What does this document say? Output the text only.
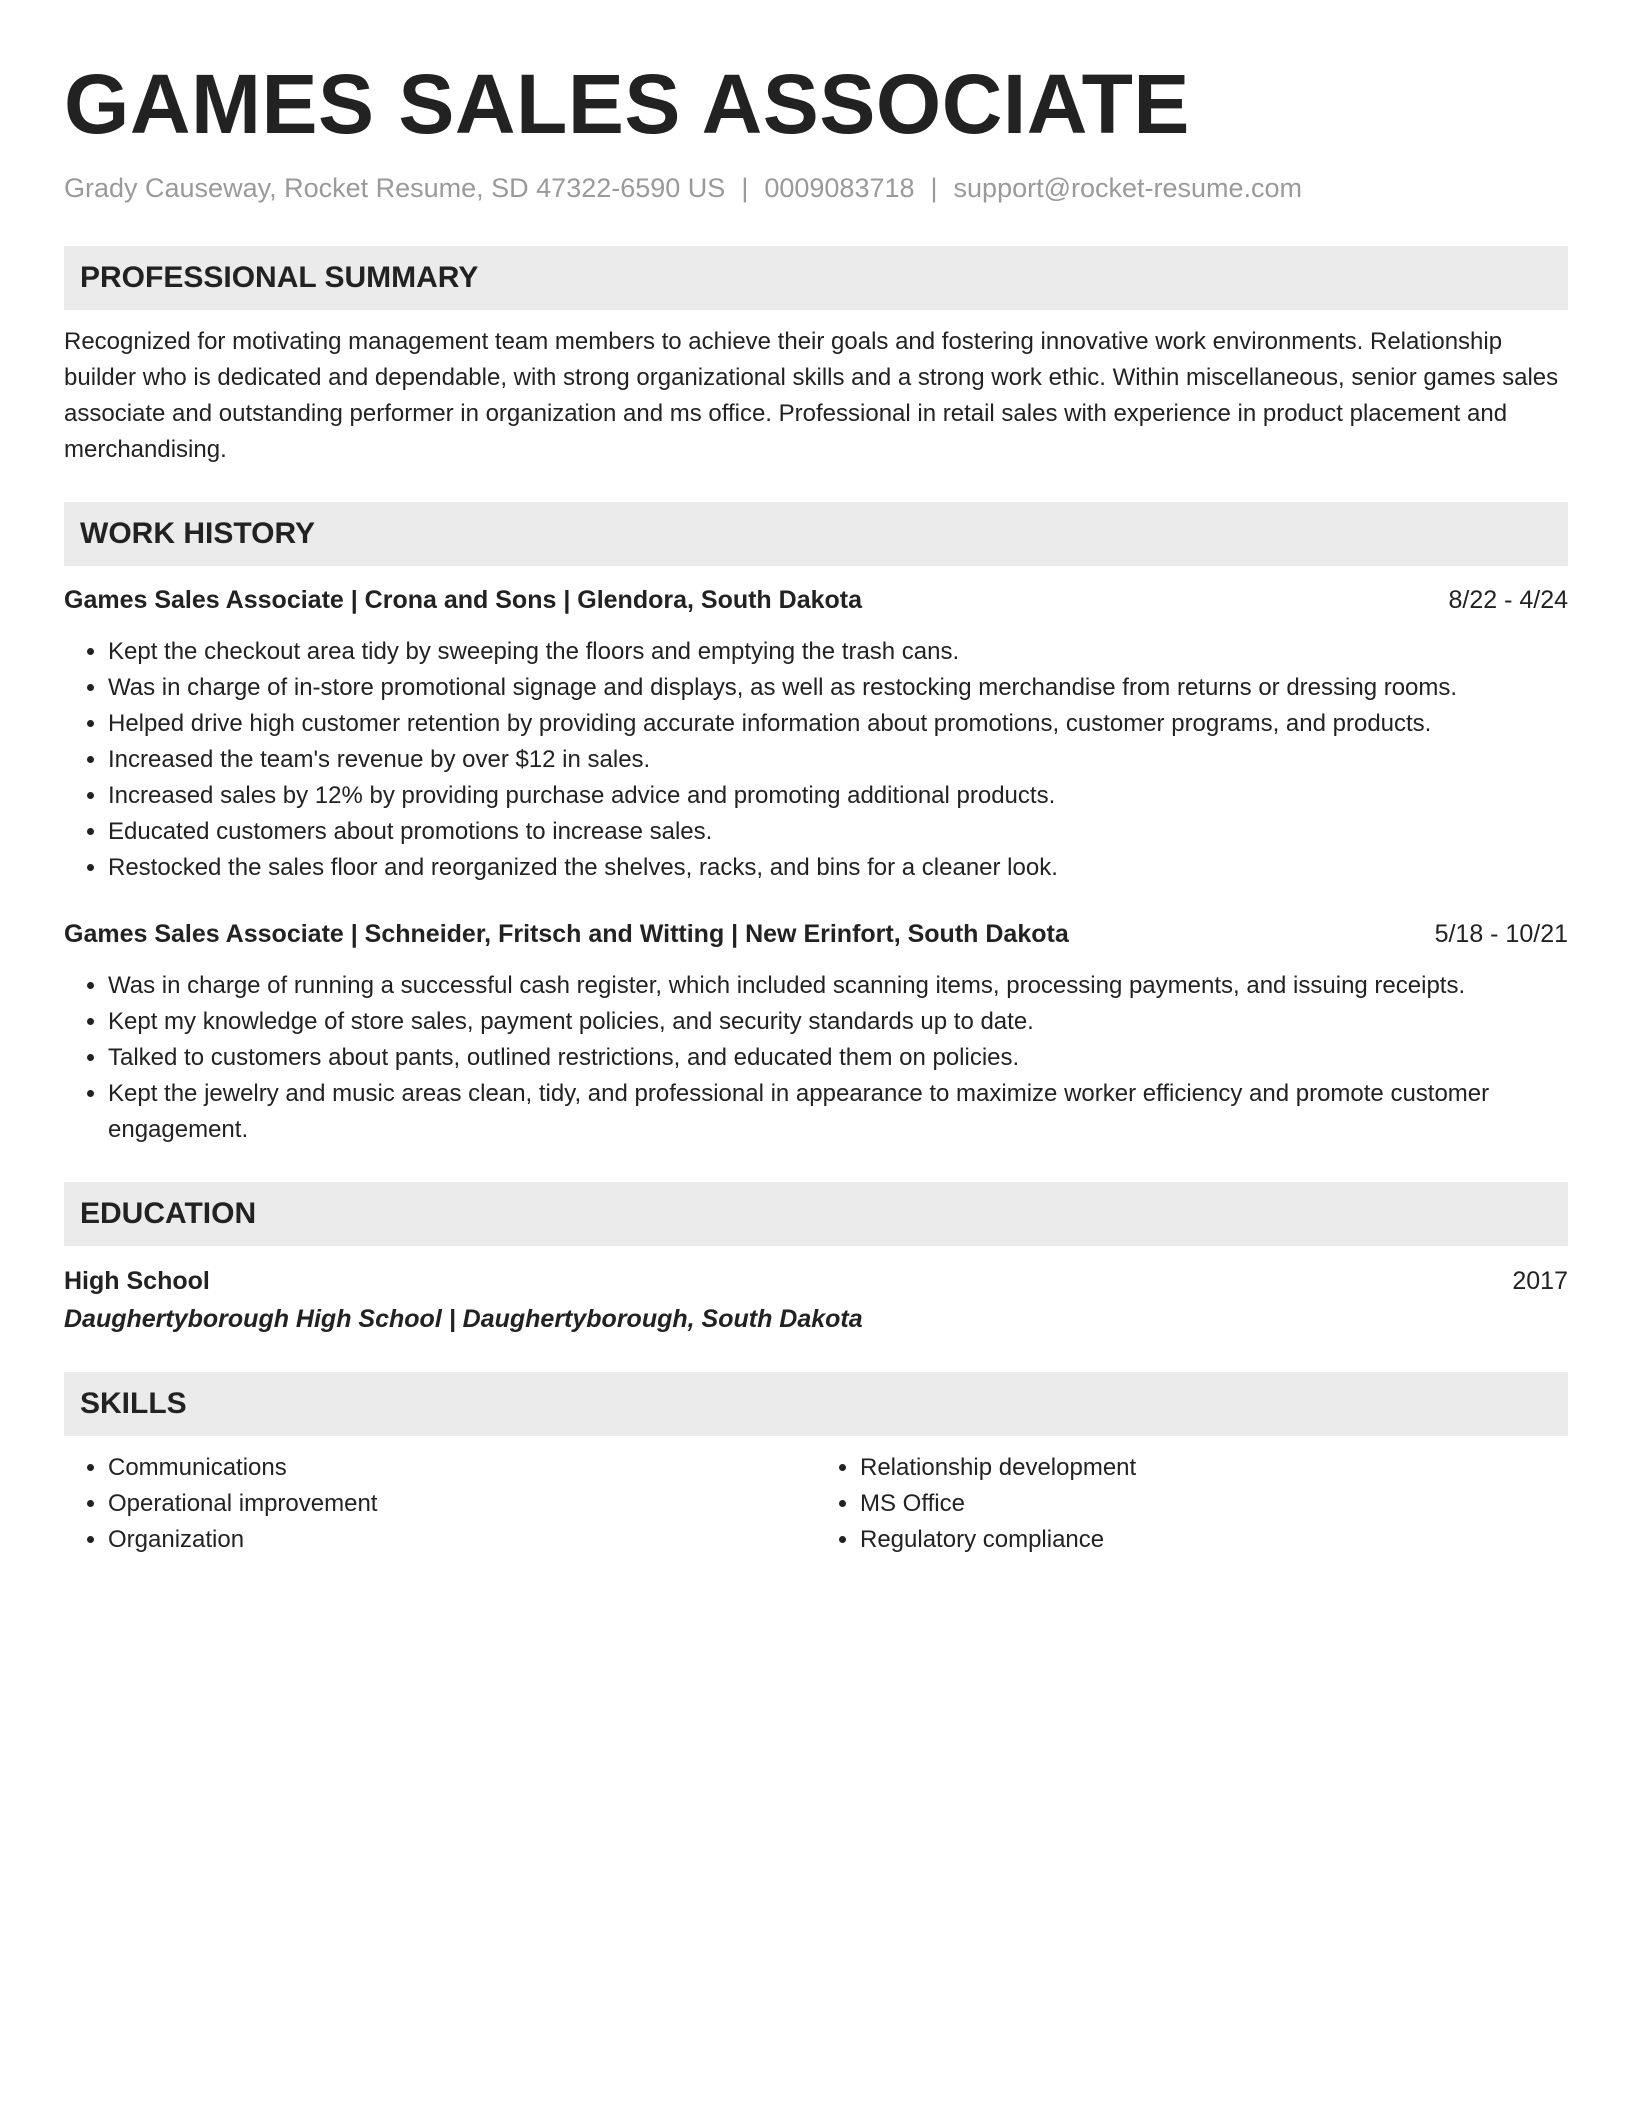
GAMES SALES ASSOCIATE
Grady Causeway, Rocket Resume, SD 47322-6590 US | 0009083718 | support@rocket-resume.com
PROFESSIONAL SUMMARY

Recognized for motivating management team members to achieve their goals and fostering innovative work environments. Relationship builder who is dedicated and dependable, with strong organizational skills and a strong work ethic. Within miscellaneous, senior games sales associate and outstanding performer in organization and ms office. Professional in retail sales with experience in product placement and merchandising.

WORK HISTORY
Games Sales Associate | Crona and Sons | Glendora, South Dakota	8/22 - 4/24
• Kept the checkout area tidy by sweeping the floors and emptying the trash cans.
• Was in charge of in-store promotional signage and displays, as well as restocking merchandise from returns or dressing rooms.
• Helped drive high customer retention by providing accurate information about promotions, customer programs, and products.
• Increased the team's revenue by over $12 in sales.
• Increased sales by 12% by providing purchase advice and promoting additional products.
• Educated customers about promotions to increase sales.
• Restocked the sales floor and reorganized the shelves, racks, and bins for a cleaner look.
Games Sales Associate | Schneider, Fritsch and Witting | New Erinfort, South Dakota	5/18 - 10/21
• Was in charge of running a successful cash register, which included scanning items, processing payments, and issuing receipts.
• Kept my knowledge of store sales, payment policies, and security standards up to date.
• Talked to customers about pants, outlined restrictions, and educated them on policies.
• Kept the jewelry and music areas clean, tidy, and professional in appearance to maximize worker efficiency and promote customer engagement.
EDUCATION
High School	2017
Daughertyborough High School | Daughertyborough, South Dakota
SKILLS
• Communications
• Operational improvement
• Organization
• Relationship development
• MS Office
• Regulatory compliance
